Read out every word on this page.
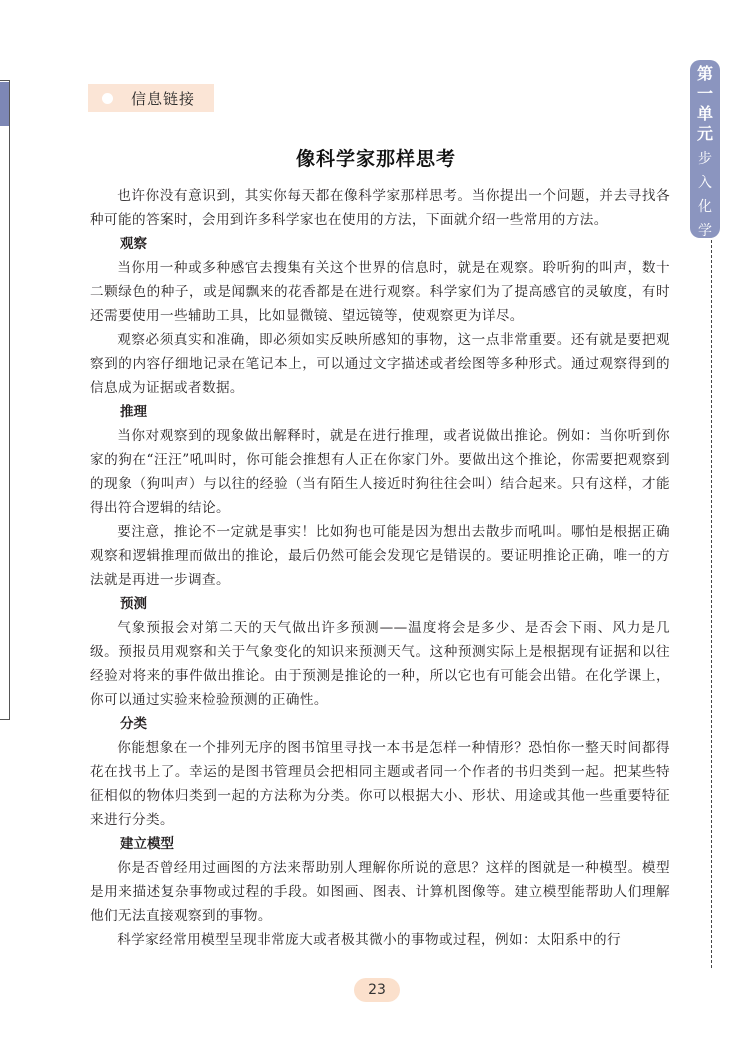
信息链接
第
一
单
元
步
入
化
学
殿
堂
像科学家那样思考

也许你没有意识到，其实你每天都在像科学家那样思考。当你提出一个问题，并去寻找各种可能的答案时，会用到许多科学家也在使用的方法，下面就介绍一些常用的方法。

观察

当你用一种或多种感官去搜集有关这个世界的信息时，就是在观察。聆听狗的叫声，数十二颗绿色的种子，或是闻飘来的花香都是在进行观察。科学家们为了提高感官的灵敏度，有时还需要使用一些辅助工具，比如显微镜、望远镜等，使观察更为详尽。

观察必须真实和准确，即必须如实反映所感知的事物，这一点非常重要。还有就是要把观察到的内容仔细地记录在笔记本上，可以通过文字描述或者绘图等多种形式。通过观察得到的信息成为证据或者数据。

推理

当你对观察到的现象做出解释时，就是在进行推理，或者说做出推论。例如：当你听到你家的狗在“汪汪”吼叫时，你可能会推想有人正在你家门外。要做出这个推论，你需要把观察到的现象（狗叫声）与以往的经验（当有陌生人接近时狗往往会叫）结合起来。只有这样，才能得出符合逻辑的结论。

要注意，推论不一定就是事实！比如狗也可能是因为想出去散步而吼叫。哪怕是根据正确观察和逻辑推理而做出的推论，最后仍然可能会发现它是错误的。要证明推论正确，唯一的方法就是再进一步调查。

预测

气象预报会对第二天的天气做出许多预测——温度将会是多少、是否会下雨、风力是几级。预报员用观察和关于气象变化的知识来预测天气。这种预测实际上是根据现有证据和以往经验对将来的事件做出推论。由于预测是推论的一种，所以它也有可能会出错。在化学课上，你可以通过实验来检验预测的正确性。

分类

你能想象在一个排列无序的图书馆里寻找一本书是怎样一种情形？恐怕你一整天时间都得花在找书上了。幸运的是图书管理员会把相同主题或者同一个作者的书归类到一起。把某些特征相似的物体归类到一起的方法称为分类。你可以根据大小、形状、用途或其他一些重要特征来进行分类。

建立模型

你是否曾经用过画图的方法来帮助别人理解你所说的意思？这样的图就是一种模型。模型是用来描述复杂事物或过程的手段。如图画、图表、计算机图像等。建立模型能帮助人们理解他们无法直接观察到的事物。

科学家经常用模型呈现非常庞大或者极其微小的事物或过程，例如：太阳系中的行

23
